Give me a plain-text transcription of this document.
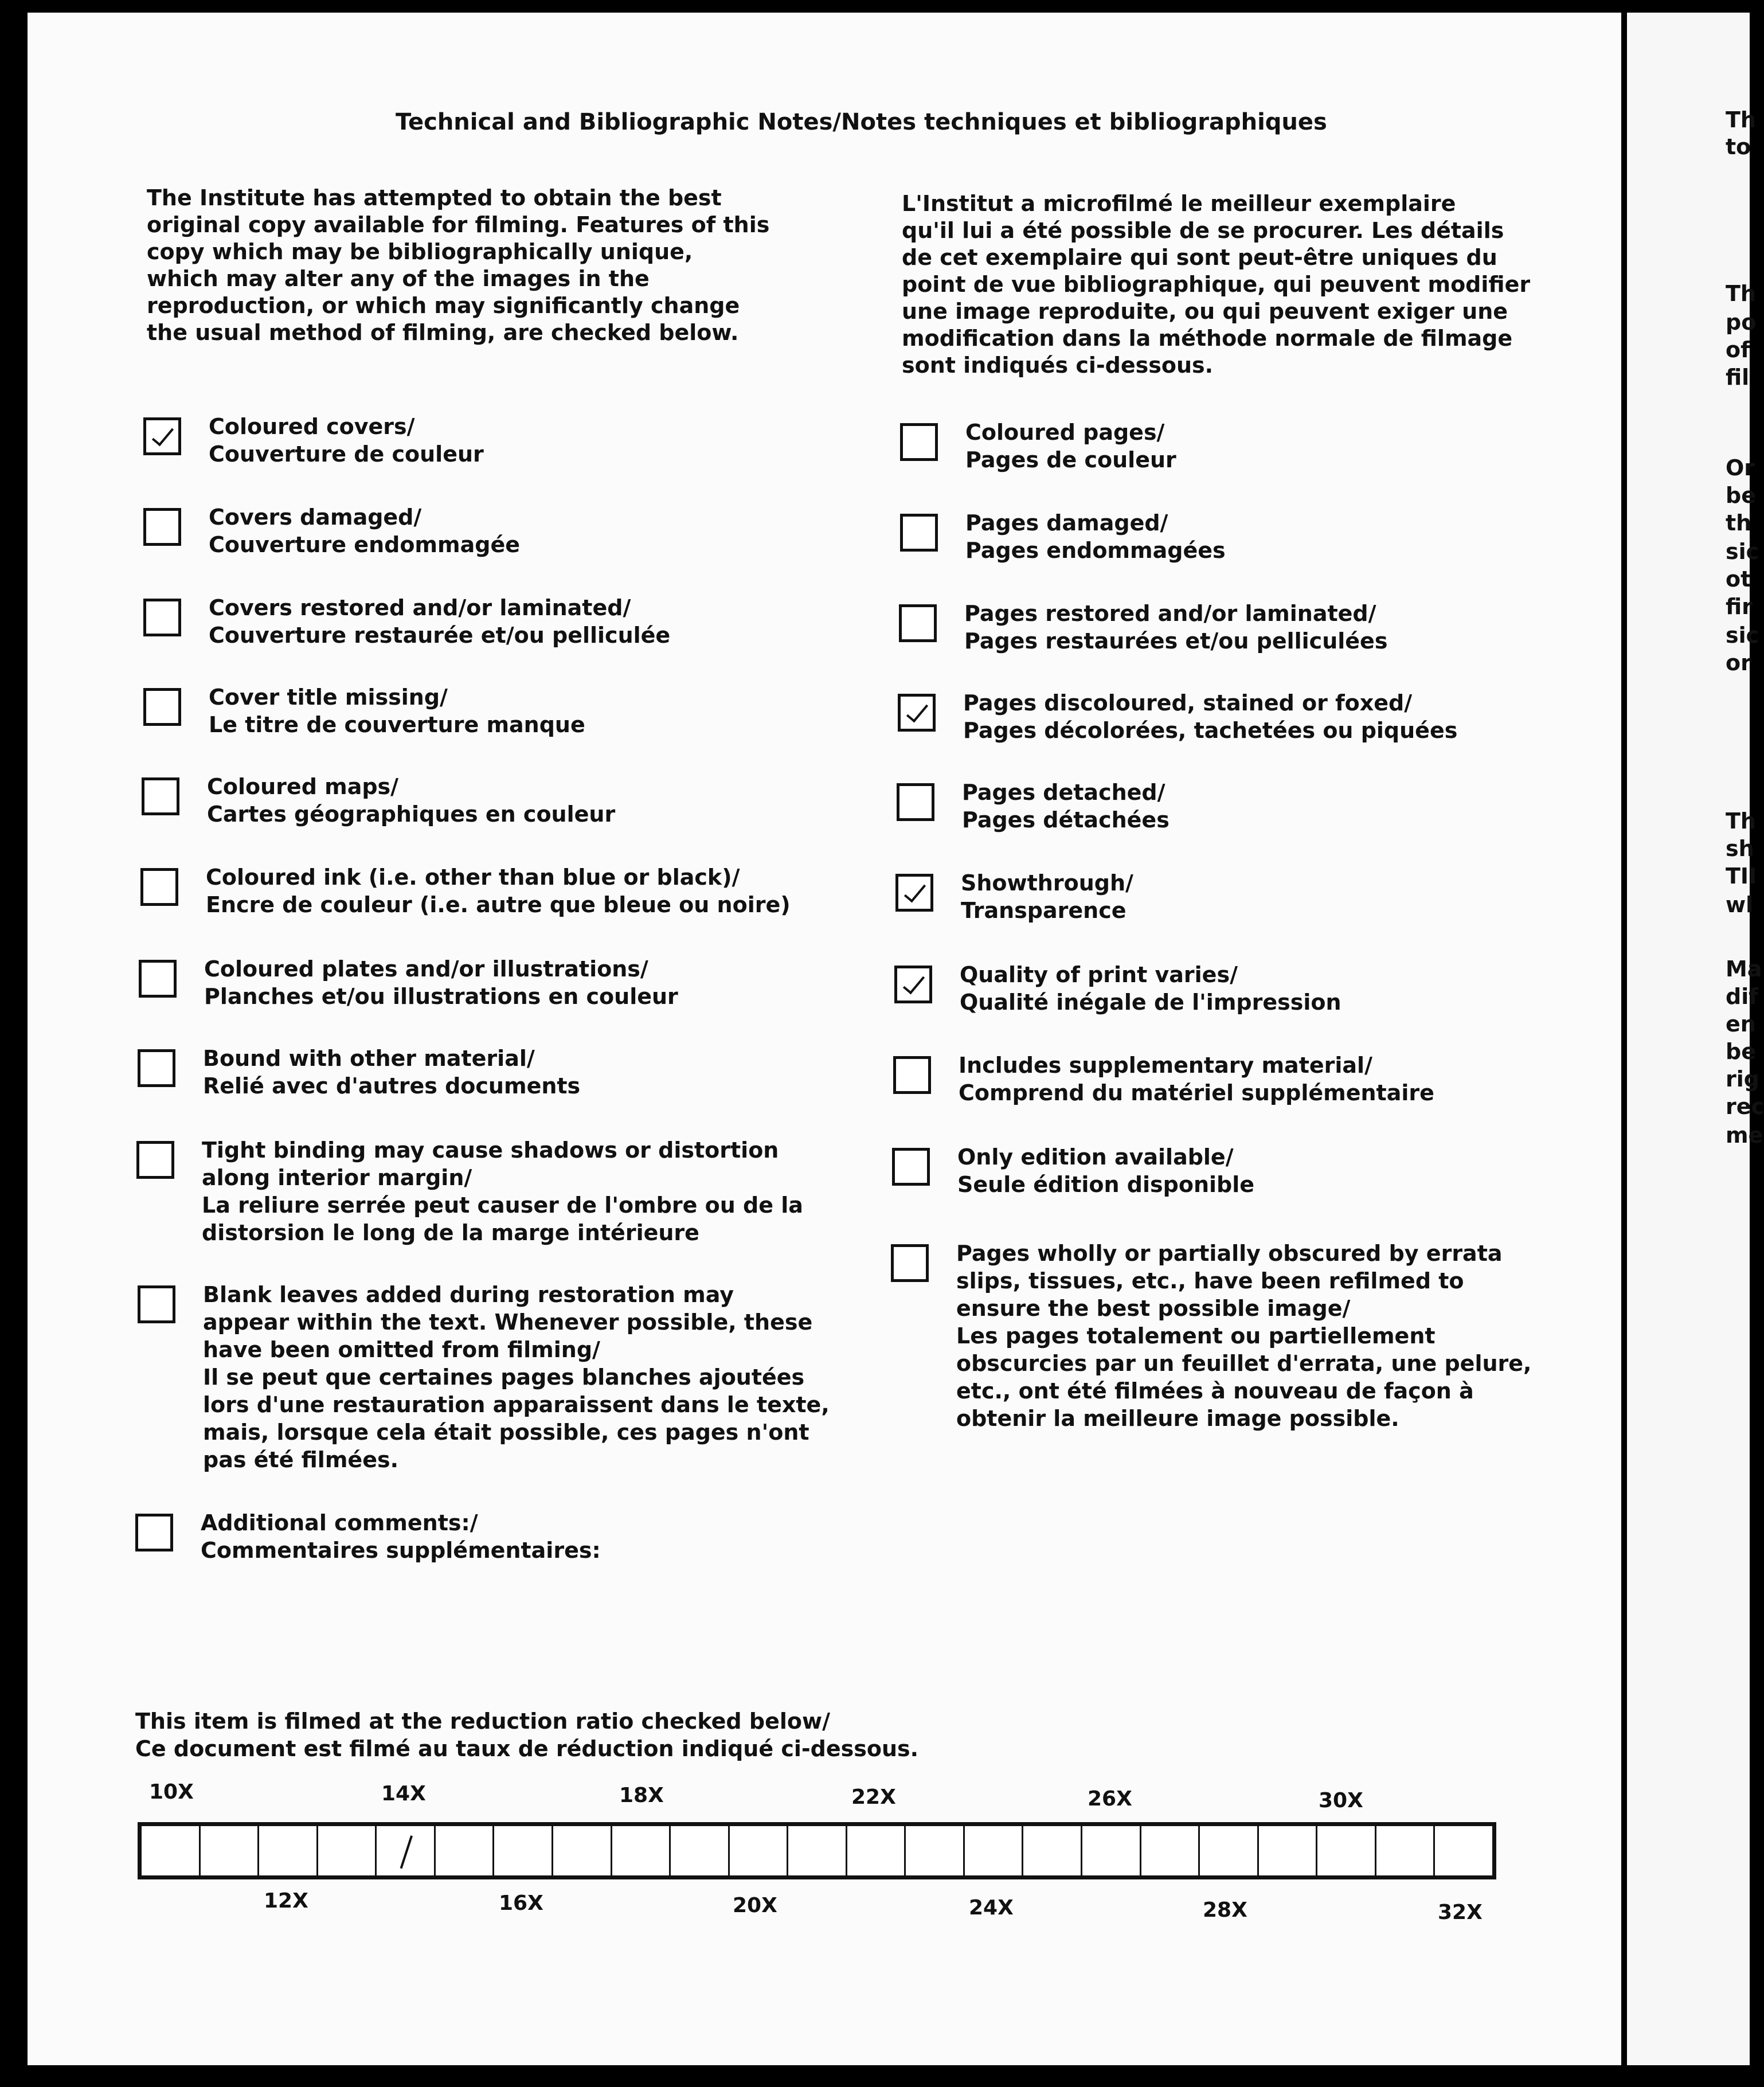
Th
to
Th
po
of
fil
Or
be
th
sic
ot
fir
sic
or
Th
sh
TII
wl
Ma
dif
en
be
rig
rec
me
Technical and Bibliographic Notes/Notes techniques et bibliographiques
The Institute has attempted to obtain the best
original copy available for filming. Features of this
copy which may be bibliographically unique,
which may alter any of the images in the
reproduction, or which may significantly change
the usual method of filming, are checked below.
L'Institut a microfilmé le meilleur exemplaire
qu'il lui a été possible de se procurer. Les détails
de cet exemplaire qui sont peut-être uniques du
point de vue bibliographique, qui peuvent modifier
une image reproduite, ou qui peuvent exiger une
modification dans la méthode normale de filmage
sont indiqués ci-dessous.
Coloured covers/
Couverture de couleur
Covers damaged/
Couverture endommagée
Covers restored and/or laminated/
Couverture restaurée et/ou pelliculée
Cover title missing/
Le titre de couverture manque
Coloured maps/
Cartes géographiques en couleur
Coloured ink (i.e. other than blue or black)/
Encre de couleur (i.e. autre que bleue ou noire)
Coloured plates and/or illustrations/
Planches et/ou illustrations en couleur
Bound with other material/
Relié avec d'autres documents
Tight binding may cause shadows or distortion
along interior margin/
La reliure serrée peut causer de l'ombre ou de la
distorsion le long de la marge intérieure
Blank leaves added during restoration may
appear within the text. Whenever possible, these
have been omitted from filming/
Il se peut que certaines pages blanches ajoutées
lors d'une restauration apparaissent dans le texte,
mais, lorsque cela était possible, ces pages n'ont
pas été filmées.
Additional comments:/
Commentaires supplémentaires:
Coloured pages/
Pages de couleur
Pages damaged/
Pages endommagées
Pages restored and/or laminated/
Pages restaurées et/ou pelliculées
Pages discoloured, stained or foxed/
Pages décolorées, tachetées ou piquées
Pages detached/
Pages détachées
Showthrough/
Transparence
Quality of print varies/
Qualité inégale de l'impression
Includes supplementary material/
Comprend du matériel supplémentaire
Only edition available/
Seule édition disponible
Pages wholly or partially obscured by errata
slips, tissues, etc., have been refilmed to
ensure the best possible image/
Les pages totalement ou partiellement
obscurcies par un feuillet d'errata, une pelure,
etc., ont été filmées à nouveau de façon à
obtenir la meilleure image possible.
This item is filmed at the reduction ratio checked below/
Ce document est filmé au taux de réduction indiqué ci-dessous.
10X	14X	18X	22X	26X	30X
12X	16X	20X	24X	28X	32X
